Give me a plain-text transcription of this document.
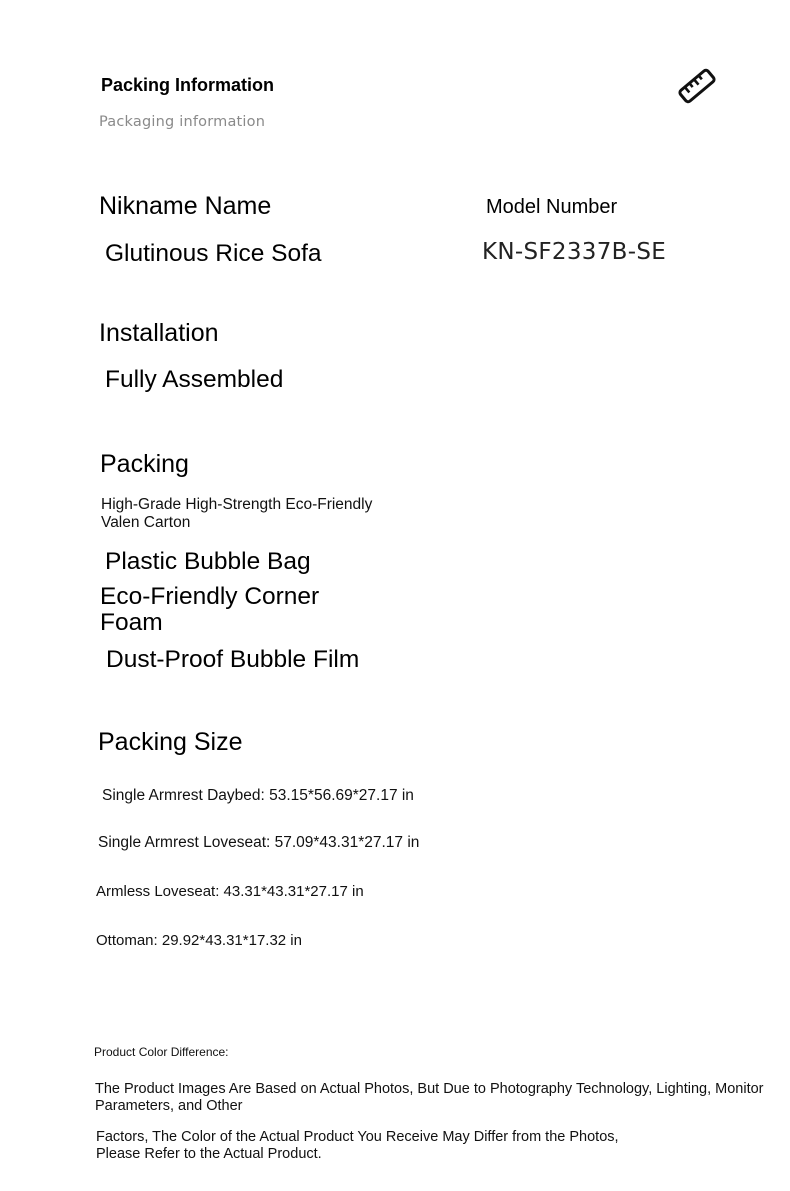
Packing Information
Packaging information
Nikname Name
Glutinous Rice Sofa
Model Number
KN-SF2337B-SE
Installation
Fully Assembled
Packing
High-Grade High-Strength Eco-Friendly Valen Carton
Plastic Bubble Bag
Eco-Friendly Corner Foam
Dust-Proof Bubble Film
Packing Size
Single Armrest Daybed: 53.15*56.69*27.17 in
Single Armrest Loveseat: 57.09*43.31*27.17 in
Armless Loveseat: 43.31*43.31*27.17 in
Ottoman: 29.92*43.31*17.32 in
Product Color Difference:
The Product Images Are Based on Actual Photos, But Due to Photography Technology, Lighting, Monitor Parameters, and Other
Factors, The Color of the Actual Product You Receive May Differ from the Photos, Please Refer to the Actual Product.
